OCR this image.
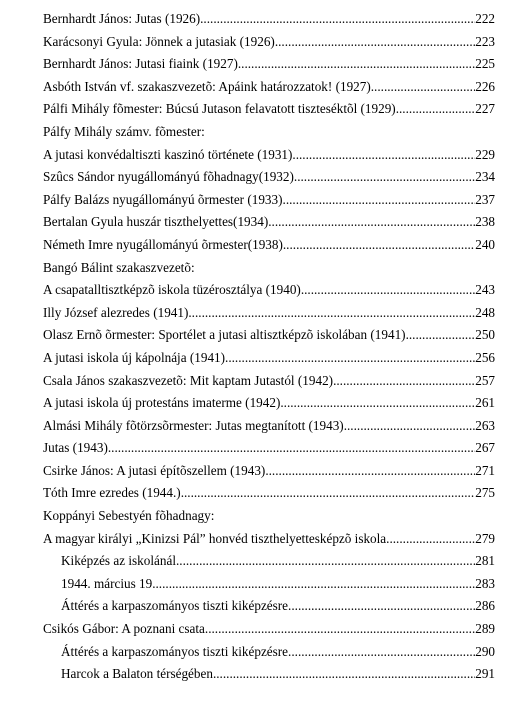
Bernhardt János: Jutas (1926) .....	222
Karácsonyi Gyula: Jönnek a jutasiak (1926) .....	223
Bernhardt János: Jutasi fiaink (1927) .....	225
Asbóth István vf. szakaszvezetõ: Apáink határozzatok! (1927) .....	226
Pálfi Mihály fõmester: Búcsú Jutason felavatott tiszteséktõl (1929) .....	227
Pálfy Mihály számv. fõmester:
A jutasi konvédaltiszti kaszinó története (1931) .....	229
Szûcs Sándor nyugállományú fõhadnagy(1932) .....	234
Pálfy Balázs nyugállományú õrmester (1933) .....	237
Bertalan Gyula huszár tiszthelyettes(1934) .....	238
Németh Imre nyugállományú õrmester(1938) .....	240
Bangó Bálint szakaszvezetõ:
A csapatalltisztképzõ iskola tüzérosztálya (1940) .....	243
Illy József alezredes (1941) .....	248
Olasz Ernõ õrmester: Sportélet a jutasi altisztképzõ iskolában (1941) .....	250
A jutasi iskola új kápolnája (1941) .....	256
Csala János szakaszvezetõ: Mit kaptam Jutastól (1942) .....	257
A jutasi iskola új protestáns imaterme (1942) .....	261
Almási Mihály fõtörzsõrmester: Jutas megtanított (1943) .....	263
Jutas (1943) .....	267
Csirke János: A jutasi építõszellem (1943) .....	271
Tóth Imre ezredes (1944.) .....	275
Koppányi Sebestyén fõhadnagy:
A magyar királyi „Kinizsi Pál” honvéd tiszthelyettesképzõ iskola. .....	279
Kiképzés az iskolánál .....	281
1944. március 19. .....	283
Áttérés a karpaszományos tiszti kiképzésre .....	286
Csikós Gábor: A poznani csata .....	289
Áttérés a karpaszományos tiszti kiképzésre .....	290
Harcok a Balaton térségében .....	291
